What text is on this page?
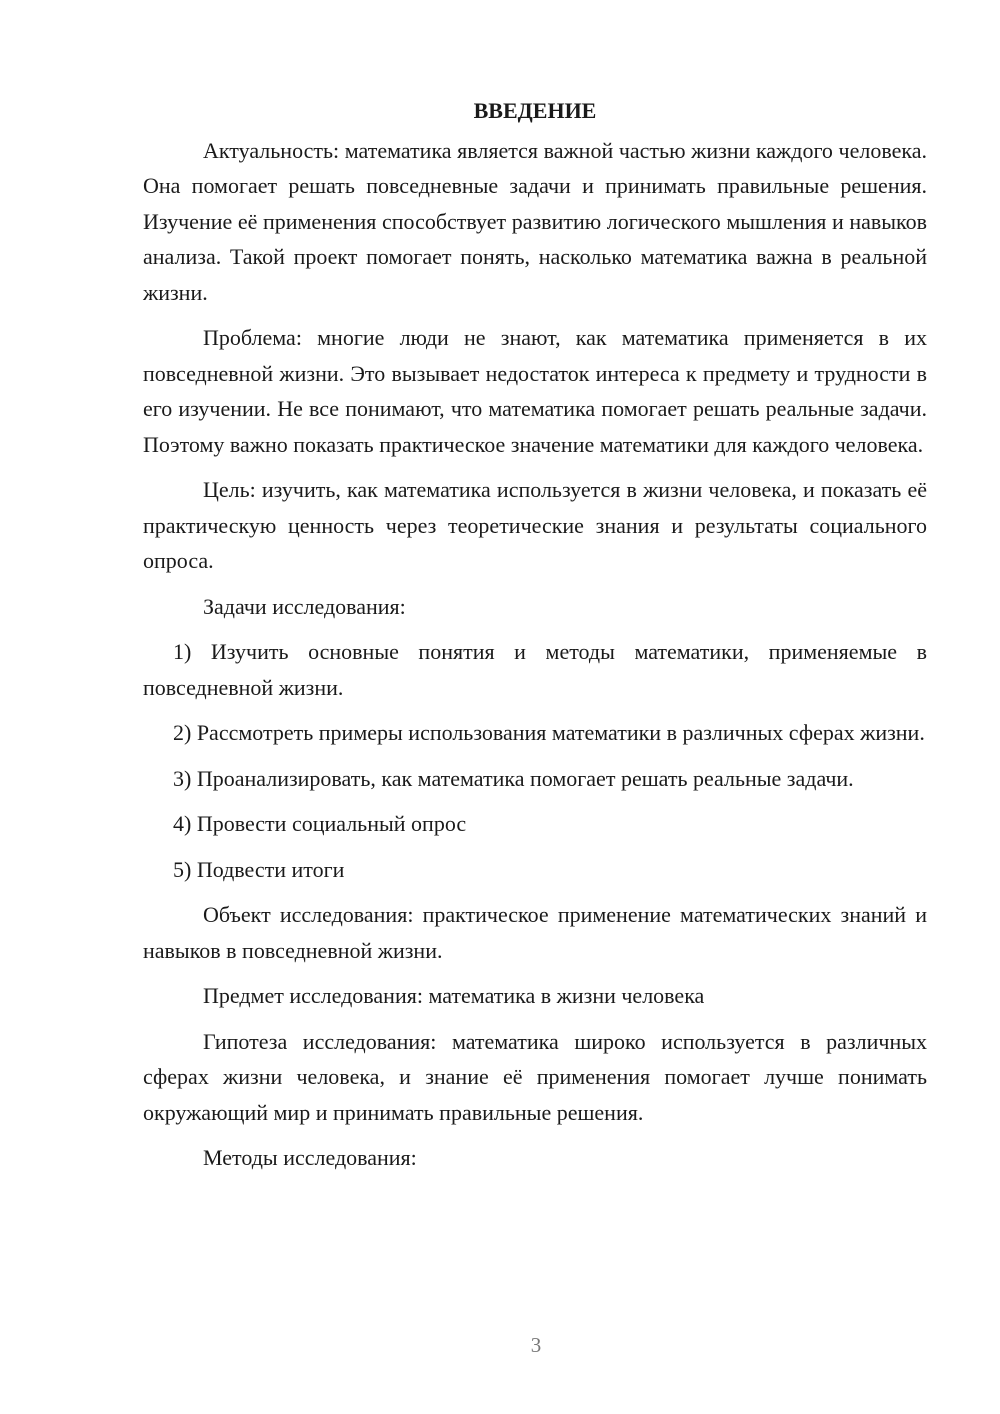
ВВЕДЕНИЕ

Актуальность: математика является важной частью жизни каждого человека. Она помогает решать повседневные задачи и принимать правильные решения. Изучение её применения способствует развитию логического мышления и навыков анализа. Такой проект помогает понять, насколько математика важна в реальной жизни.

Проблема: многие люди не знают, как математика применяется в их повседневной жизни. Это вызывает недостаток интереса к предмету и трудности в его изучении. Не все понимают, что математика помогает решать реальные задачи. Поэтому важно показать практическое значение математики для каждого человека.

Цель: изучить, как математика используется в жизни человека, и показать её практическую ценность через теоретические знания и результаты социального опроса.

Задачи исследования:

1) Изучить основные понятия и методы математики, применяемые в повседневной жизни.

2) Рассмотреть примеры использования математики в различных сферах жизни.

3) Проанализировать, как математика помогает решать реальные задачи.

4) Провести социальный опрос

5) Подвести итоги

Объект исследования: практическое применение математических знаний и навыков в повседневной жизни.

Предмет исследования: математика в жизни человека

Гипотеза исследования: математика широко используется в различных сферах жизни человека, и знание её применения помогает лучше понимать окружающий мир и принимать правильные решения.

Методы исследования:

3
